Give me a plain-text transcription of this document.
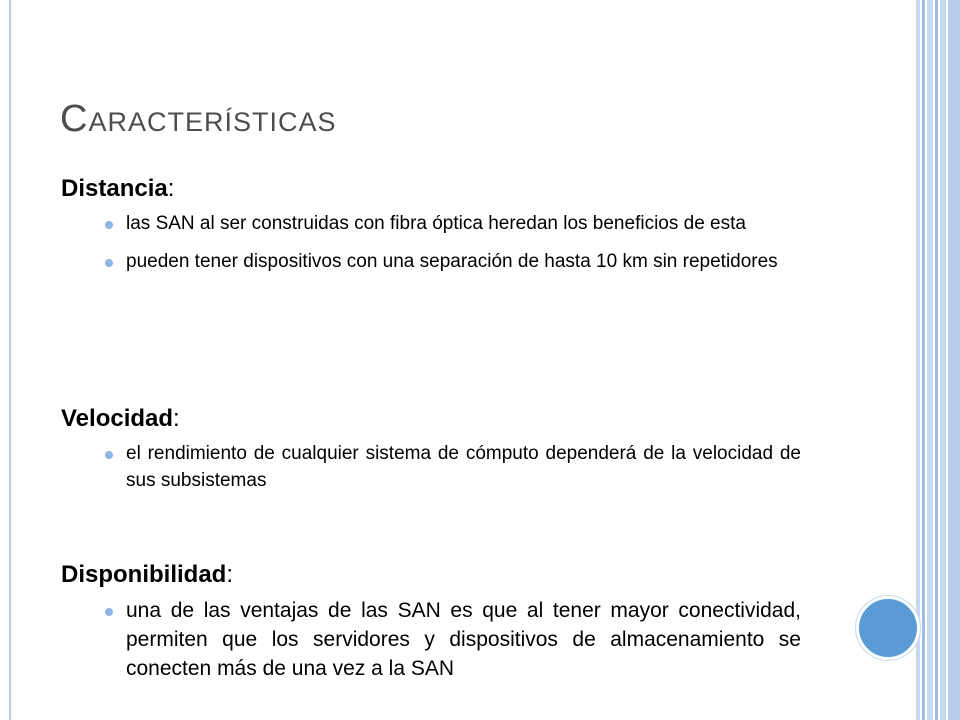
Características

Distancia:

las SAN al ser construidas con fibra óptica heredan los beneficios de esta
pueden tener dispositivos con una separación de hasta 10 km sin repetidores

Velocidad:

el rendimiento de cualquier sistema de cómputo dependerá de la velocidad de sus subsistemas

Disponibilidad:

una de las ventajas de las SAN es que al tener mayor conectividad, permiten que los servidores y dispositivos de almacenamiento se conecten más de una vez a la SAN
